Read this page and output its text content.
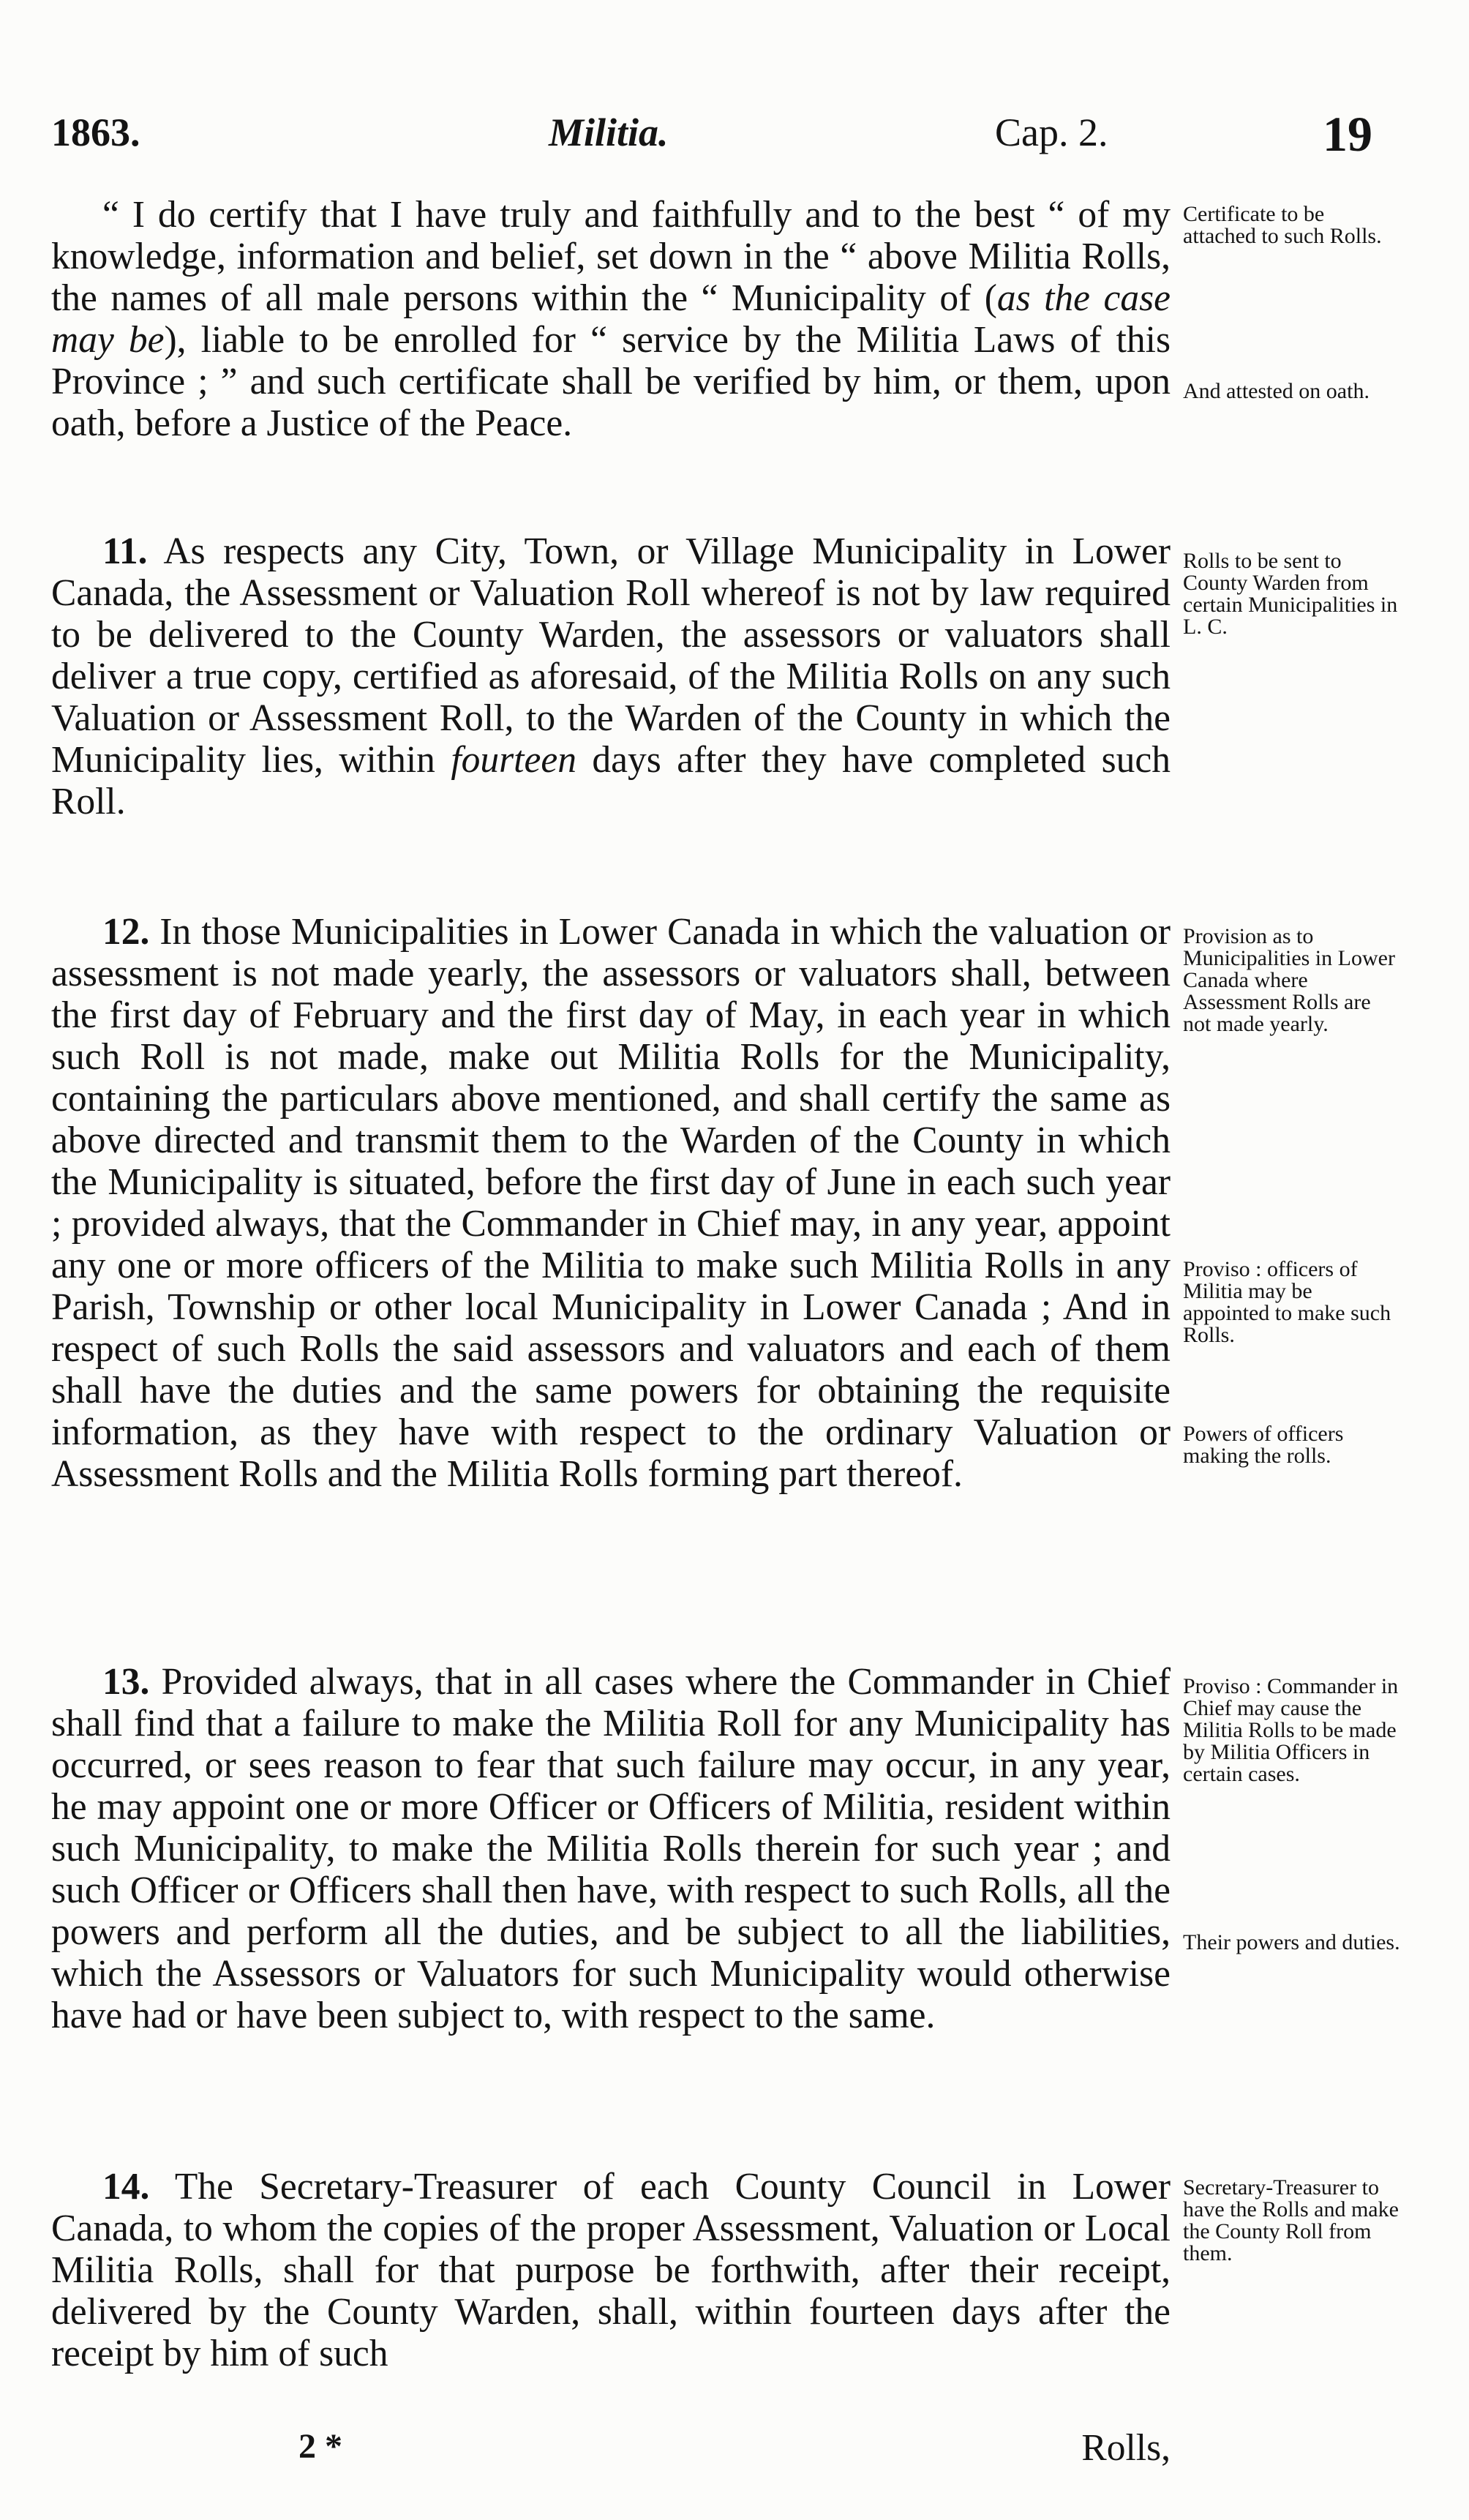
1863.	Militia.	Cap. 2.	19

“ I do certify that I have truly and faithfully and to the best “ of my knowledge, information and belief, set down in the “ above Militia Rolls, the names of all male persons within the “ Municipality of (as the case may be), liable to be enrolled for “ service by the Militia Laws of this Province ; ” and such certificate shall be verified by him, or them, upon oath, before a Justice of the Peace.

11. As respects any City, Town, or Village Municipality in Lower Canada, the Assessment or Valuation Roll whereof is not by law required to be delivered to the County Warden, the assessors or valuators shall deliver a true copy, certified as aforesaid, of the Militia Rolls on any such Valuation or Assessment Roll, to the Warden of the County in which the Municipality lies, within fourteen days after they have completed such Roll.

12. In those Municipalities in Lower Canada in which the valuation or assessment is not made yearly, the assessors or valuators shall, between the first day of February and the first day of May, in each year in which such Roll is not made, make out Militia Rolls for the Municipality, containing the particulars above mentioned, and shall certify the same as above directed and transmit them to the Warden of the County in which the Municipality is situated, before the first day of June in each such year ; provided always, that the Commander in Chief may, in any year, appoint any one or more officers of the Militia to make such Militia Rolls in any Parish, Township or other local Municipality in Lower Canada ; And in respect of such Rolls the said assessors and valuators and each of them shall have the duties and the same powers for obtaining the requisite information, as they have with respect to the ordinary Valuation or Assessment Rolls and the Militia Rolls forming part thereof.

13. Provided always, that in all cases where the Commander in Chief shall find that a failure to make the Militia Roll for any Municipality has occurred, or sees reason to fear that such failure may occur, in any year, he may appoint one or more Officer or Officers of Militia, resident within such Municipality, to make the Militia Rolls therein for such year ; and such Officer or Officers shall then have, with respect to such Rolls, all the powers and perform all the duties, and be subject to all the liabilities, which the Assessors or Valuators for such Municipality would otherwise have had or have been subject to, with respect to the same.

14. The Secretary-Treasurer of each County Council in Lower Canada, to whom the copies of the proper Assessment, Valuation or Local Militia Rolls, shall for that purpose be forthwith, after their receipt, delivered by the County Warden, shall, within fourteen days after the receipt by him of such

Certificate to be attached to such Rolls.
And attested on oath.
Rolls to be sent to County Warden from certain Municipalities in L. C.
Provision as to Municipalities in Lower Canada where Assessment Rolls are not made yearly.
Proviso : officers of Militia may be appointed to make such Rolls.
Powers of officers making the rolls.
Proviso : Commander in Chief may cause the Militia Rolls to be made by Militia Officers in certain cases.
Their powers and duties.
Secretary-Treasurer to have the Rolls and make the County Roll from them.
2 *	Rolls,
